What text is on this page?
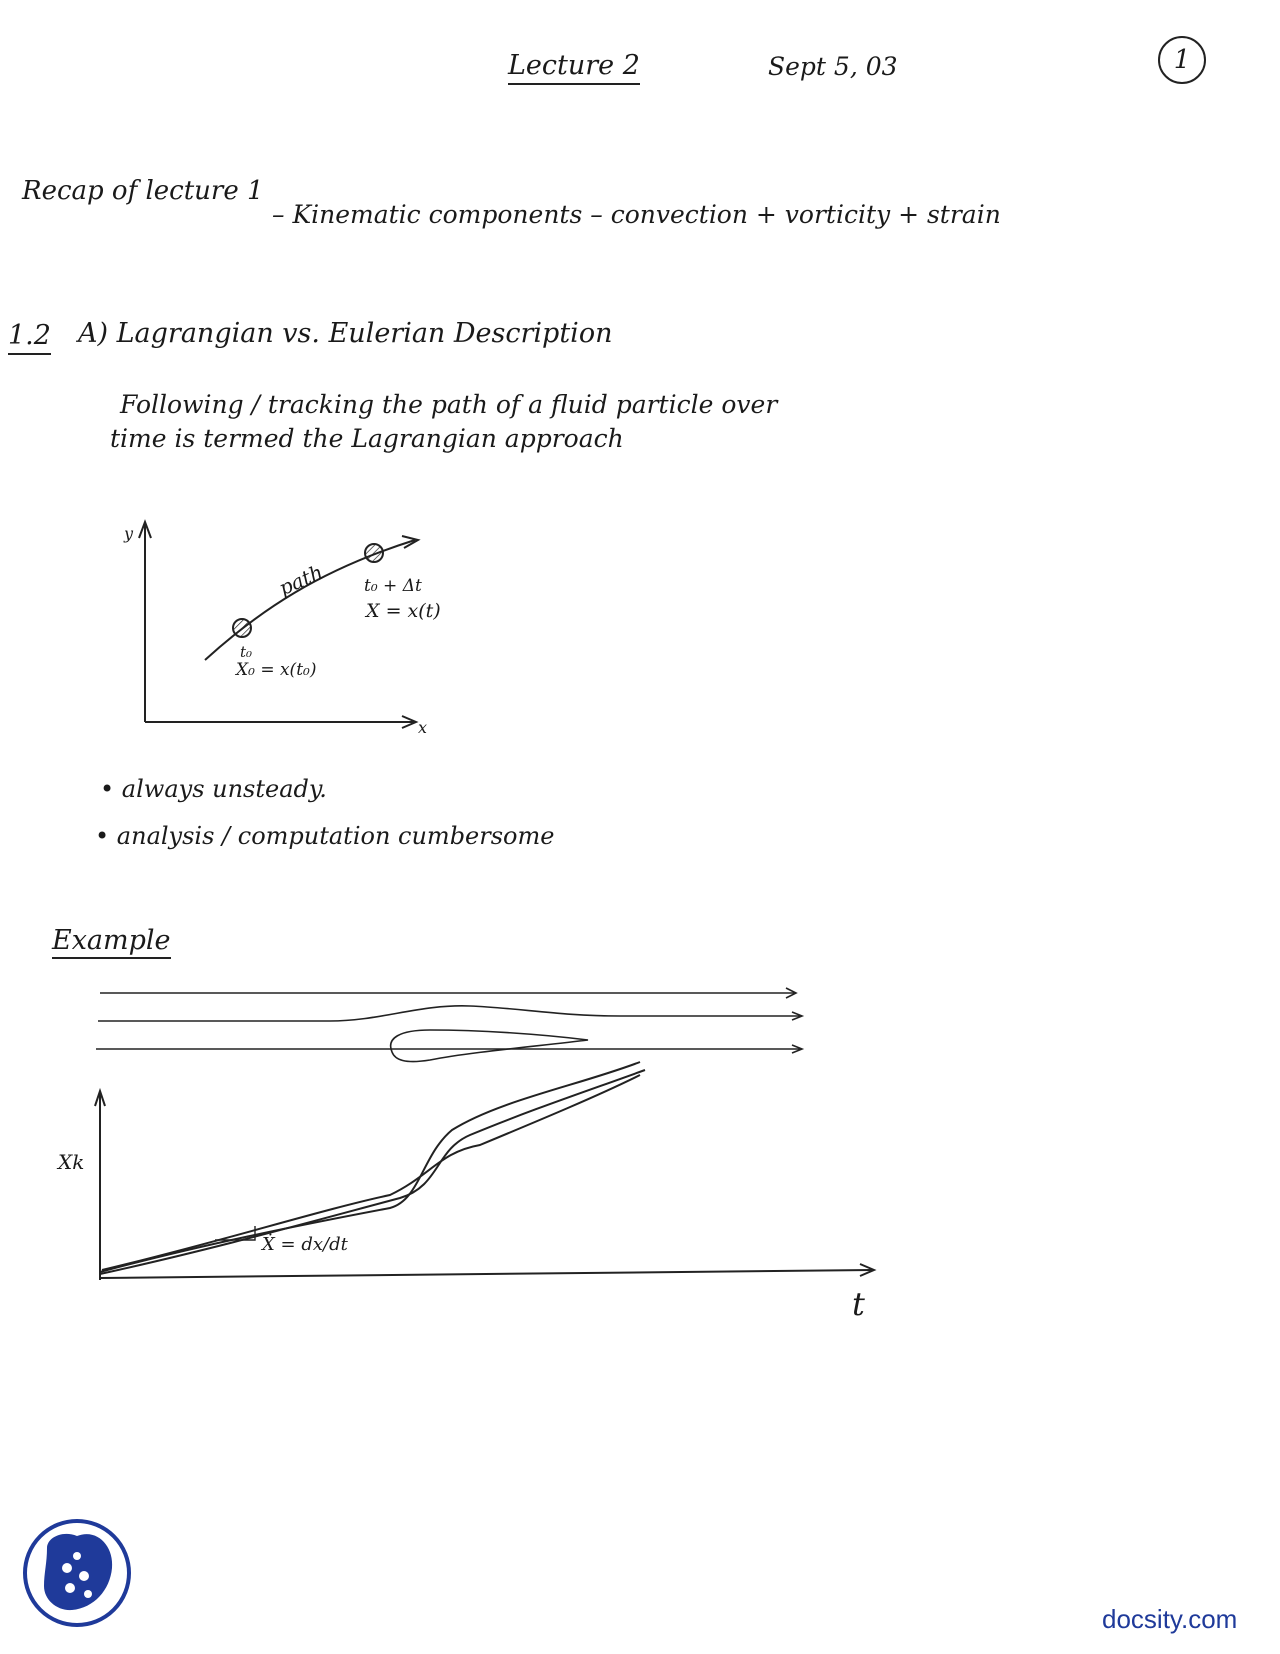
Lecture 2	Sept 5, 03	1
Recap of lecture 1
– Kinematic components – convection + vorticity + strain
1.2 A) Lagrangian vs. Eulerian Description
Following / tracking the path of a fluid particle over
time is termed the Lagrangian approach
y
x
path
t₀
X₀ = x(t₀)
t₀ + Δt
X = x(t)
• always unsteady.
• analysis / computation cumbersome
Example
Xk
t
Ẋ = dx/dt
docsity.com
